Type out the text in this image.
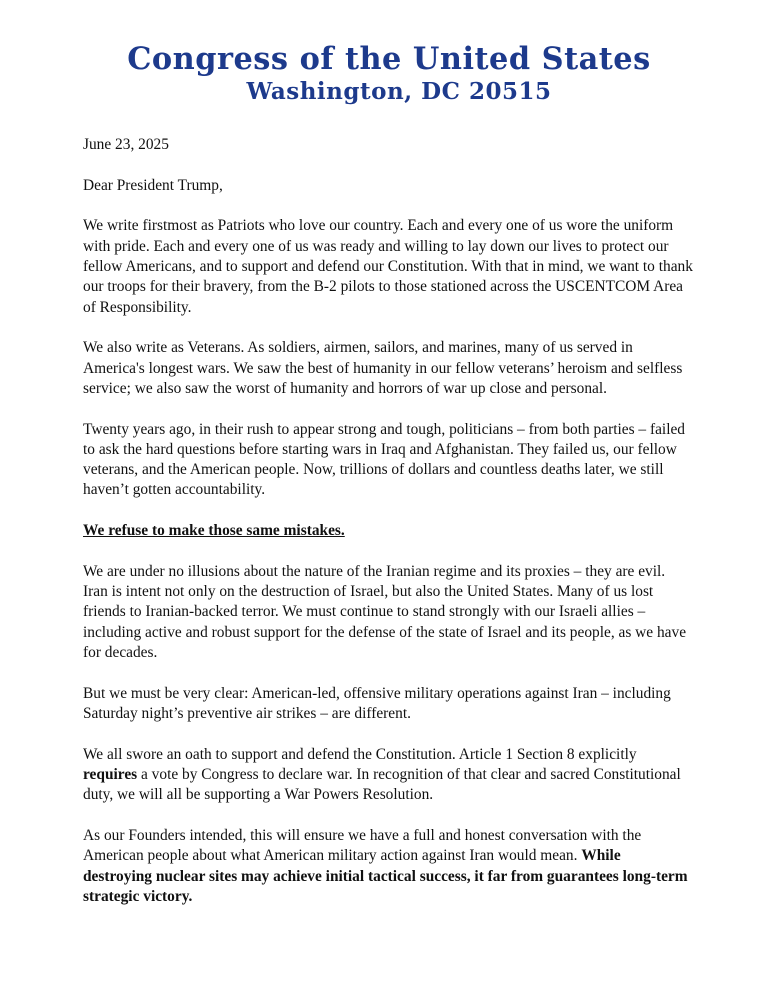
Congress of the United States
Washington, DC 20515

June 23, 2025

Dear President Trump,

We write firstmost as Patriots who love our country. Each and every one of us wore the uniform with pride. Each and every one of us was ready and willing to lay down our lives to protect our fellow Americans, and to support and defend our Constitution. With that in mind, we want to thank our troops for their bravery, from the B-2 pilots to those stationed across the USCENTCOM Area of Responsibility.

We also write as Veterans. As soldiers, airmen, sailors, and marines, many of us served in America's longest wars. We saw the best of humanity in our fellow veterans’ heroism and selfless service; we also saw the worst of humanity and horrors of war up close and personal.

Twenty years ago, in their rush to appear strong and tough, politicians – from both parties – failed to ask the hard questions before starting wars in Iraq and Afghanistan. They failed us, our fellow veterans, and the American people. Now, trillions of dollars and countless deaths later, we still haven’t gotten accountability.

We refuse to make those same mistakes.

We are under no illusions about the nature of the Iranian regime and its proxies – they are evil. Iran is intent not only on the destruction of Israel, but also the United States. Many of us lost friends to Iranian-backed terror. We must continue to stand strongly with our Israeli allies – including active and robust support for the defense of the state of Israel and its people, as we have for decades.

But we must be very clear: American-led, offensive military operations against Iran – including Saturday night’s preventive air strikes – are different.

We all swore an oath to support and defend the Constitution. Article 1 Section 8 explicitly requires a vote by Congress to declare war. In recognition of that clear and sacred Constitutional duty, we will all be supporting a War Powers Resolution.

As our Founders intended, this will ensure we have a full and honest conversation with the American people about what American military action against Iran would mean. While destroying nuclear sites may achieve initial tactical success, it far from guarantees long-term strategic victory.
